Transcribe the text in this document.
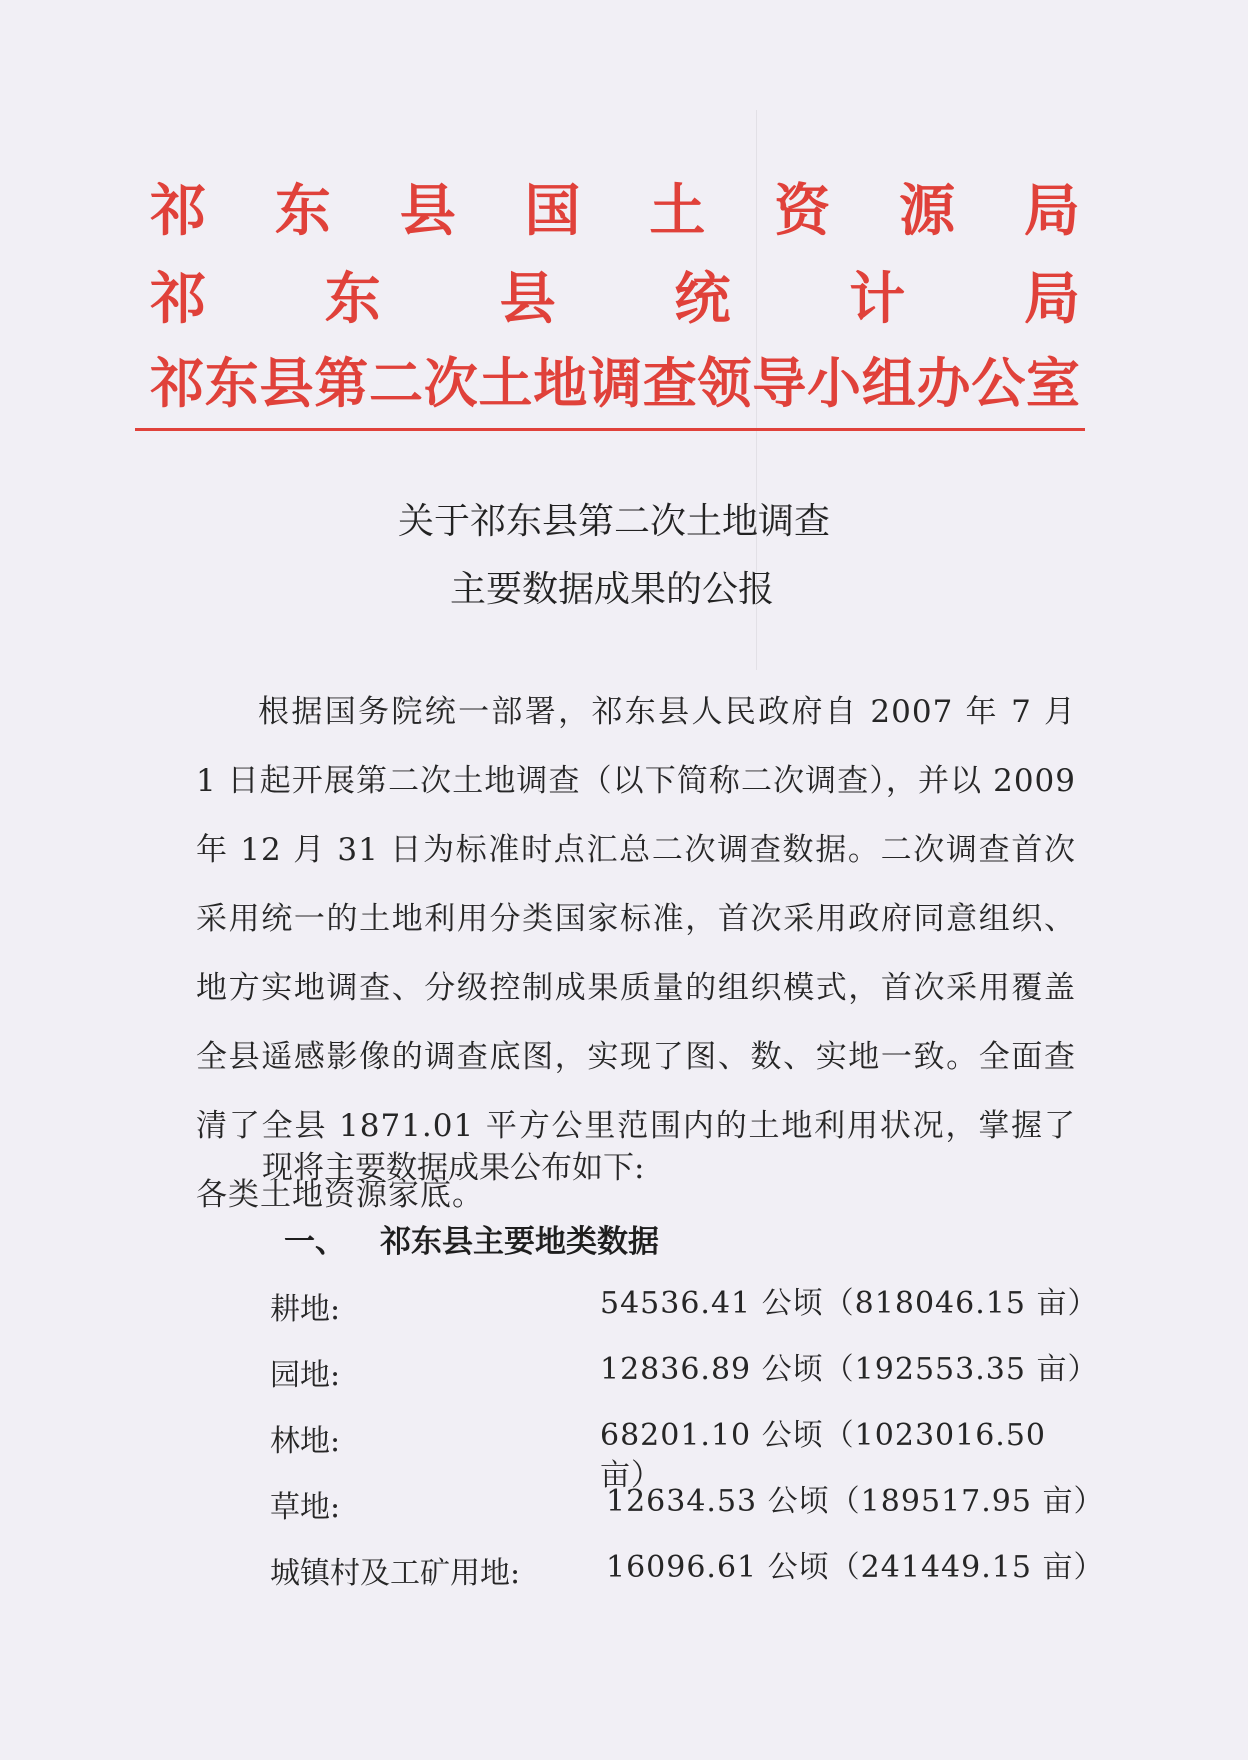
祁 东 县 国 土 资 源 局
祁 东 县 统 计 局
祁 东 县 第 二 次 土 地 调 查 领 导 小 组 办 公 室
关于祁东县第二次土地调查
主要数据成果的公报

根据国务院统一部署，祁东县人民政府自 2007 年 7 月 1 日起开展第二次土地调查（以下简称二次调查），并以 2009 年 12 月 31 日为标准时点汇总二次调查数据。二次调查首次采用统一的土地利用分类国家标准，首次采用政府同意组织、地方实地调查、分级控制成果质量的组织模式，首次采用覆盖全县遥感影像的调查底图，实现了图、数、实地一致。全面查清了全县 1871.01 平方公里范围内的土地利用状况，掌握了各类土地资源家底。

现将主要数据成果公布如下:
一、 祁东县主要地类数据
耕地:	54536.41 公顷（818046.15 亩）
园地:	12836.89 公顷（192553.35 亩）
林地:	68201.10 公顷（1023016.50 亩）
草地:	12634.53 公顷（189517.95 亩）
城镇村及工矿用地:	16096.61 公顷（241449.15 亩）
